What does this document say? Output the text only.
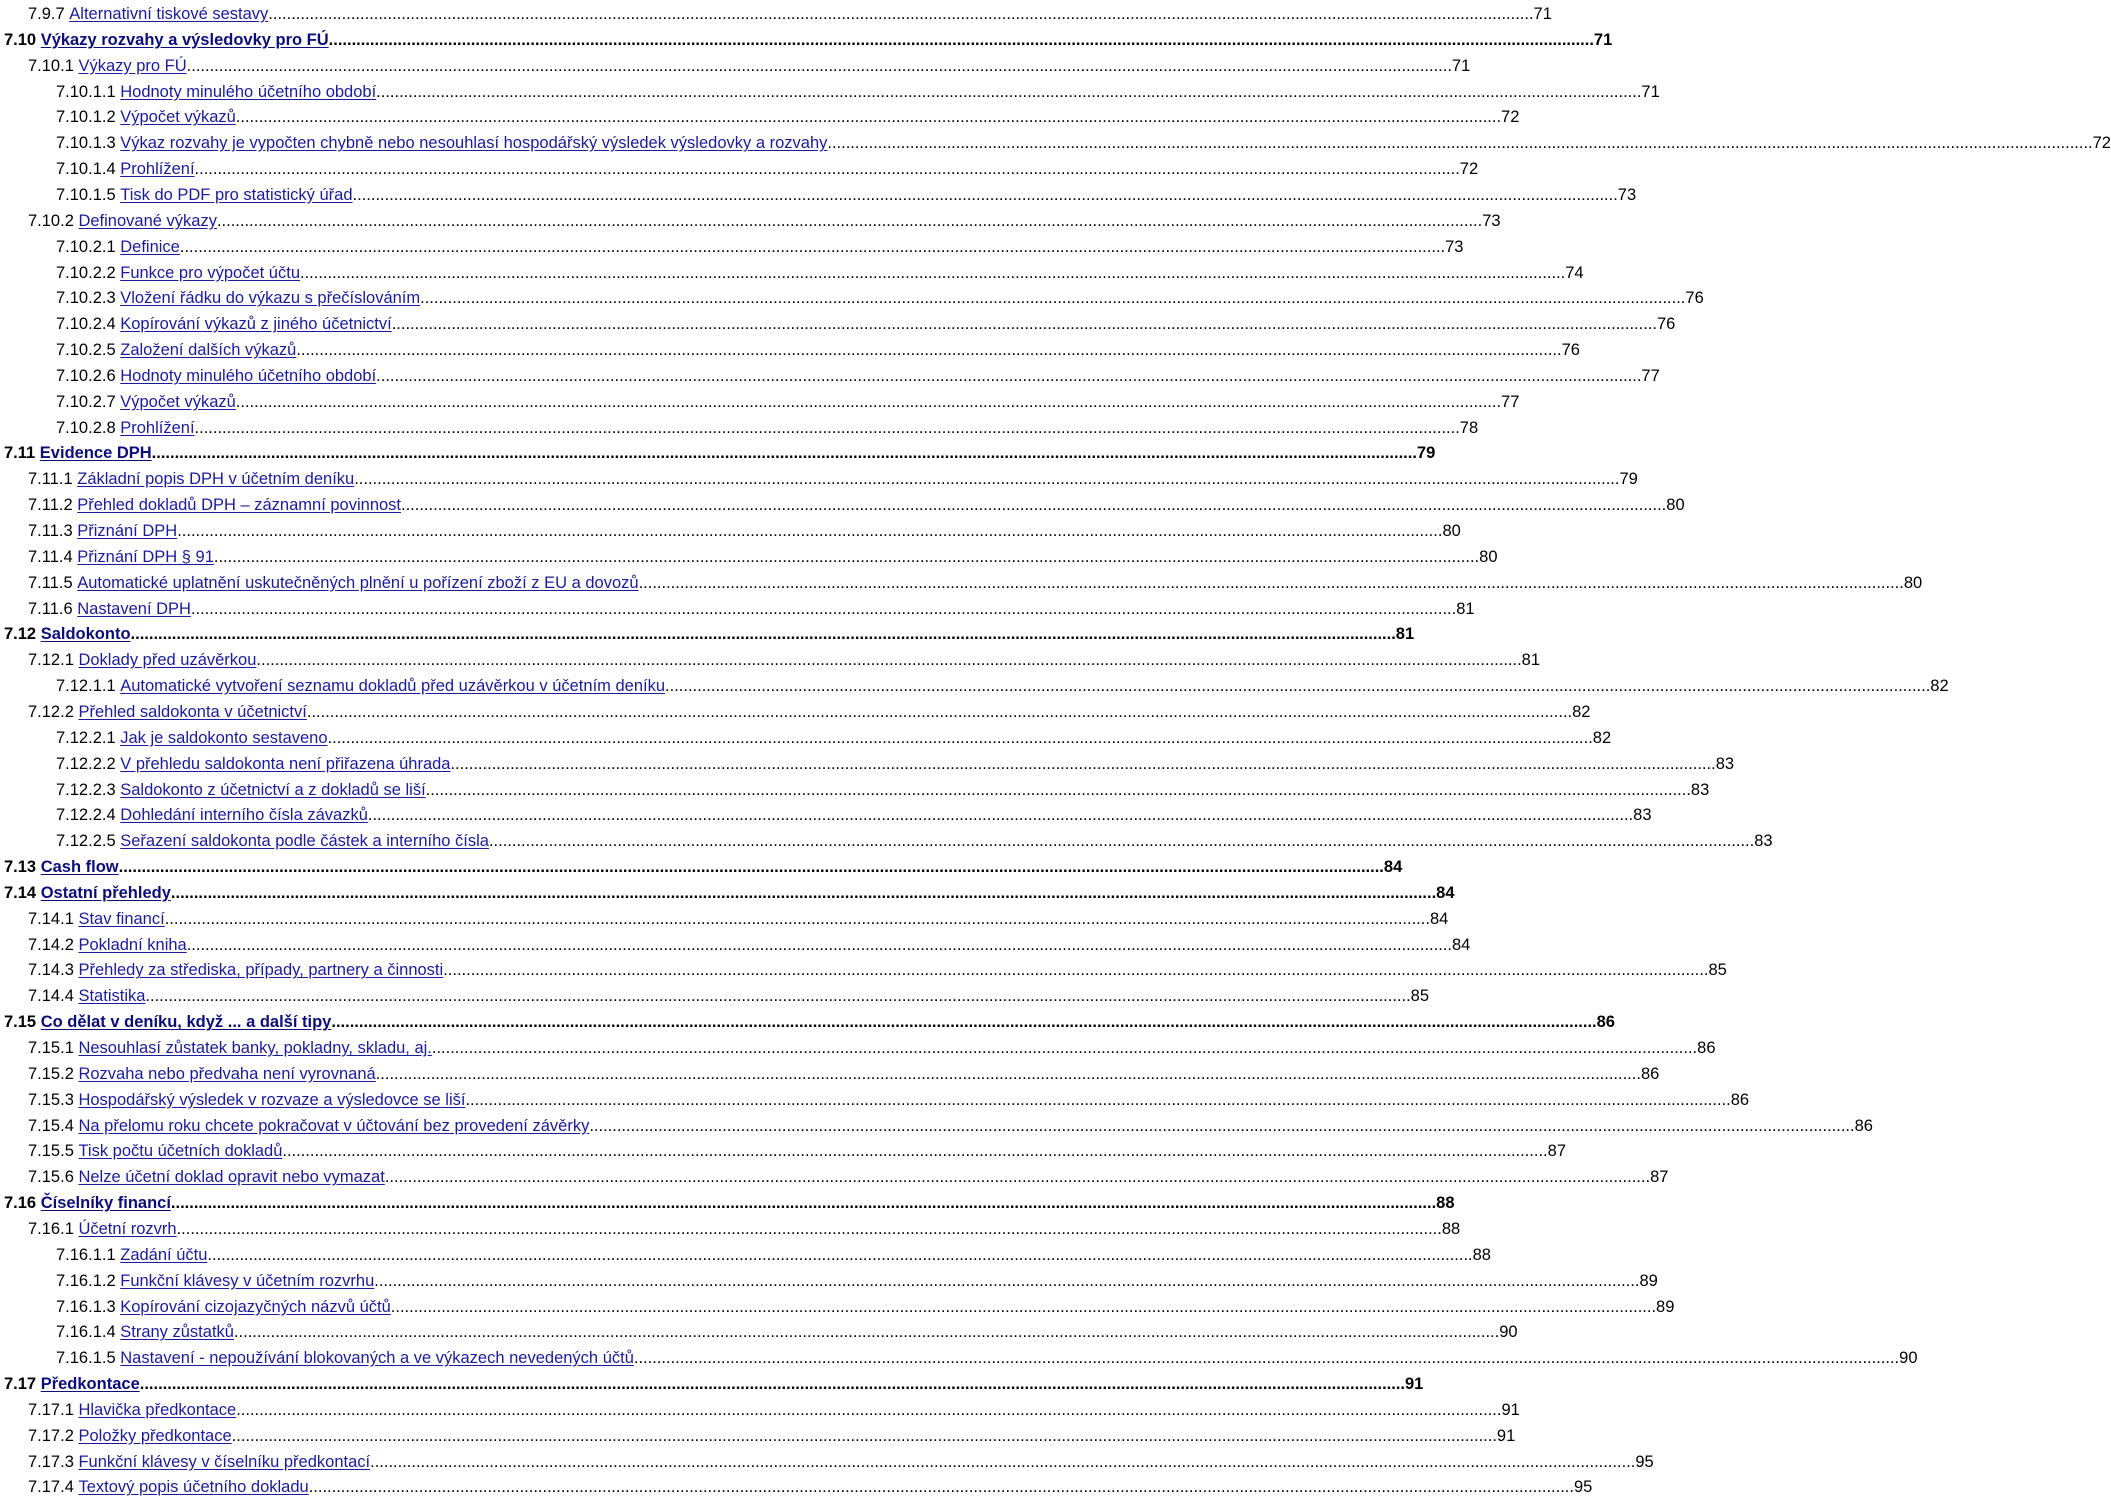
7.9.7 Alternativní tiskové sestavy .....	71
7.10 Výkazy rozvahy a výsledovky pro FÚ .....	71
7.10.1 Výkazy pro FÚ .....	71
7.10.1.1 Hodnoty minulého účetního období .....	71
7.10.1.2 Výpočet výkazů .....	72
7.10.1.3 Výkaz rozvahy je vypočten chybně nebo nesouhlasí hospodářský výsledek výsledovky a rozvahy .....	72
7.10.1.4 Prohlížení .....	72
7.10.1.5 Tisk do PDF pro statistický úřad .....	73
7.10.2 Definované výkazy .....	73
7.10.2.1 Definice .....	73
7.10.2.2 Funkce pro výpočet účtu .....	74
7.10.2.3 Vložení řádku do výkazu s přečíslováním .....	76
7.10.2.4 Kopírování výkazů z jiného účetnictví .....	76
7.10.2.5 Založení dalších výkazů .....	76
7.10.2.6 Hodnoty minulého účetního období .....	77
7.10.2.7 Výpočet výkazů .....	77
7.10.2.8 Prohlížení .....	78
7.11 Evidence DPH .....	79
7.11.1 Základní popis DPH v účetním deníku .....	79
7.11.2 Přehled dokladů DPH – záznamní povinnost .....	80
7.11.3 Přiznání DPH .....	80
7.11.4 Přiznání DPH § 91 .....	80
7.11.5 Automatické uplatnění uskutečněných plnění u pořízení zboží z EU a dovozů .....	80
7.11.6 Nastavení DPH .....	81
7.12 Saldokonto .....	81
7.12.1 Doklady před uzávěrkou .....	81
7.12.1.1 Automatické vytvoření seznamu dokladů před uzávěrkou v účetním deníku .....	82
7.12.2 Přehled saldokonta v účetnictví .....	82
7.12.2.1 Jak je saldokonto sestaveno .....	82
7.12.2.2 V přehledu saldokonta není přiřazena úhrada .....	83
7.12.2.3 Saldokonto z účetnictví a z dokladů se liší .....	83
7.12.2.4 Dohledání interního čísla závazků .....	83
7.12.2.5 Seřazení saldokonta podle částek a interního čísla .....	83
7.13 Cash flow .....	84
7.14 Ostatní přehledy .....	84
7.14.1 Stav financí .....	84
7.14.2 Pokladní kniha .....	84
7.14.3 Přehledy za střediska, případy, partnery a činnosti .....	85
7.14.4 Statistika .....	85
7.15 Co dělat v deníku, když ... a další tipy .....	86
7.15.1 Nesouhlasí zůstatek banky, pokladny, skladu, aj. .....	86
7.15.2 Rozvaha nebo předvaha není vyrovnaná .....	86
7.15.3 Hospodářský výsledek v rozvaze a výsledovce se liší .....	86
7.15.4 Na přelomu roku chcete pokračovat v účtování bez provedení závěrky .....	86
7.15.5 Tisk počtu účetních dokladů .....	87
7.15.6 Nelze účetní doklad opravit nebo vymazat .....	87
7.16 Číselníky financí .....	88
7.16.1 Účetní rozvrh .....	88
7.16.1.1 Zadání účtu .....	88
7.16.1.2 Funkční klávesy v účetním rozvrhu .....	89
7.16.1.3 Kopírování cizojazyčných názvů účtů .....	89
7.16.1.4 Strany zůstatků .....	90
7.16.1.5 Nastavení - nepoužívání blokovaných a ve výkazech nevedených účtů .....	90
7.17 Předkontace .....	91
7.17.1 Hlavička předkontace .....	91
7.17.2 Položky předkontace .....	91
7.17.3 Funkční klávesy v číselníku předkontací .....	95
7.17.4 Textový popis účetního dokladu .....	95
